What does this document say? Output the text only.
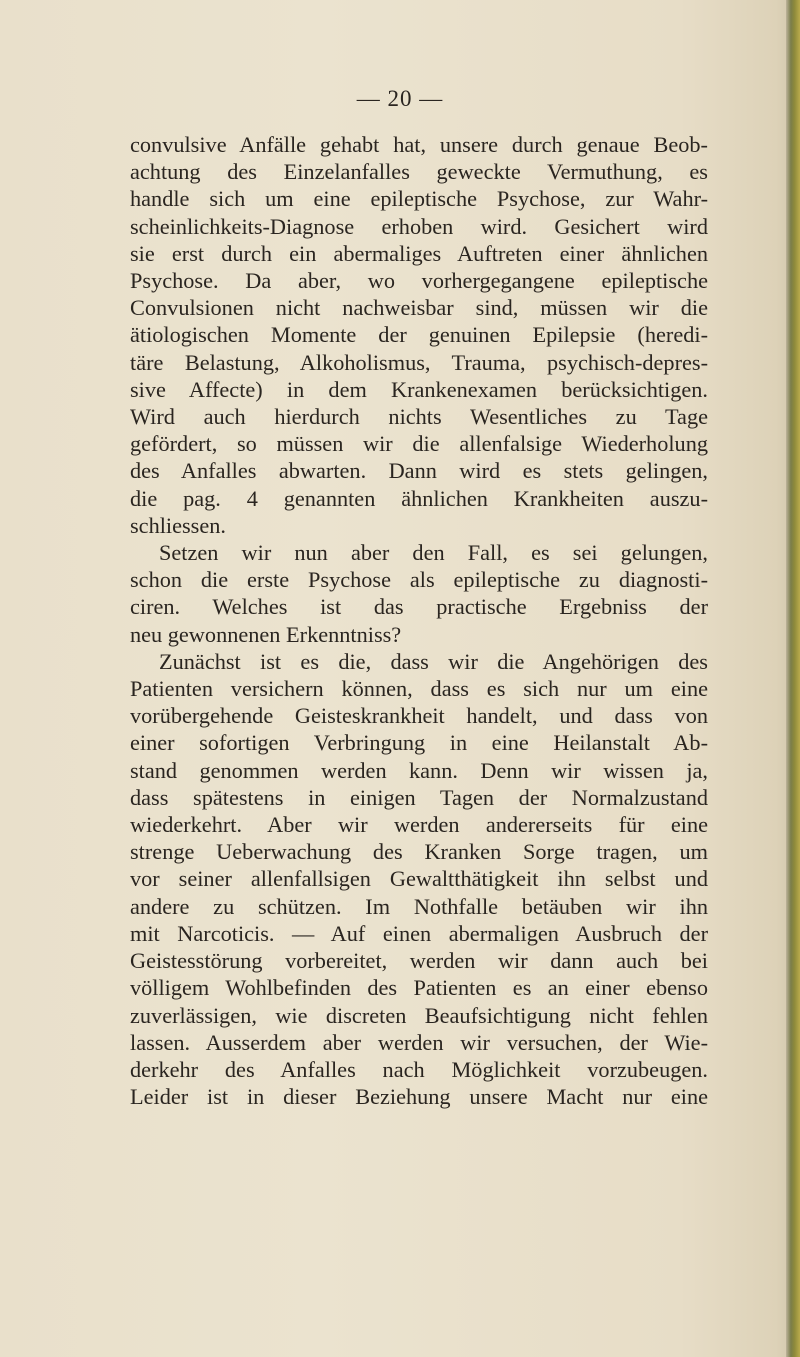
— 20 —
convulsive Anfälle gehabt hat, unsere durch genaue Beob-
achtung des Einzelanfalles geweckte Vermuthung, es
handle sich um eine epileptische Psychose, zur Wahr-
scheinlichkeits-Diagnose erhoben wird. Gesichert wird
sie erst durch ein abermaliges Auftreten einer ähnlichen
Psychose. Da aber, wo vorhergegangene epileptische
Convulsionen nicht nachweisbar sind, müssen wir die
ätiologischen Momente der genuinen Epilepsie (heredi-
täre Belastung, Alkoholismus, Trauma, psychisch-depres-
sive Affecte) in dem Krankenexamen berücksichtigen.
Wird auch hierdurch nichts Wesentliches zu Tage
gefördert, so müssen wir die allenfalsige Wiederholung
des Anfalles abwarten. Dann wird es stets gelingen,
die pag. 4 genannten ähnlichen Krankheiten auszu-
schliessen.
Setzen wir nun aber den Fall, es sei gelungen,
schon die erste Psychose als epileptische zu diagnosti-
ciren. Welches ist das practische Ergebniss der
neu gewonnenen Erkenntniss?
Zunächst ist es die, dass wir die Angehörigen des
Patienten versichern können, dass es sich nur um eine
vorübergehende Geisteskrankheit handelt, und dass von
einer sofortigen Verbringung in eine Heilanstalt Ab-
stand genommen werden kann. Denn wir wissen ja,
dass spätestens in einigen Tagen der Normalzustand
wiederkehrt. Aber wir werden andererseits für eine
strenge Ueberwachung des Kranken Sorge tragen, um
vor seiner allenfallsigen Gewaltthätigkeit ihn selbst und
andere zu schützen. Im Nothfalle betäuben wir ihn
mit Narcoticis. — Auf einen abermaligen Ausbruch der
Geistesstörung vorbereitet, werden wir dann auch bei
völligem Wohlbefinden des Patienten es an einer ebenso
zuverlässigen, wie discreten Beaufsichtigung nicht fehlen
lassen. Ausserdem aber werden wir versuchen, der Wie-
derkehr des Anfalles nach Möglichkeit vorzubeugen.
Leider ist in dieser Beziehung unsere Macht nur eine
